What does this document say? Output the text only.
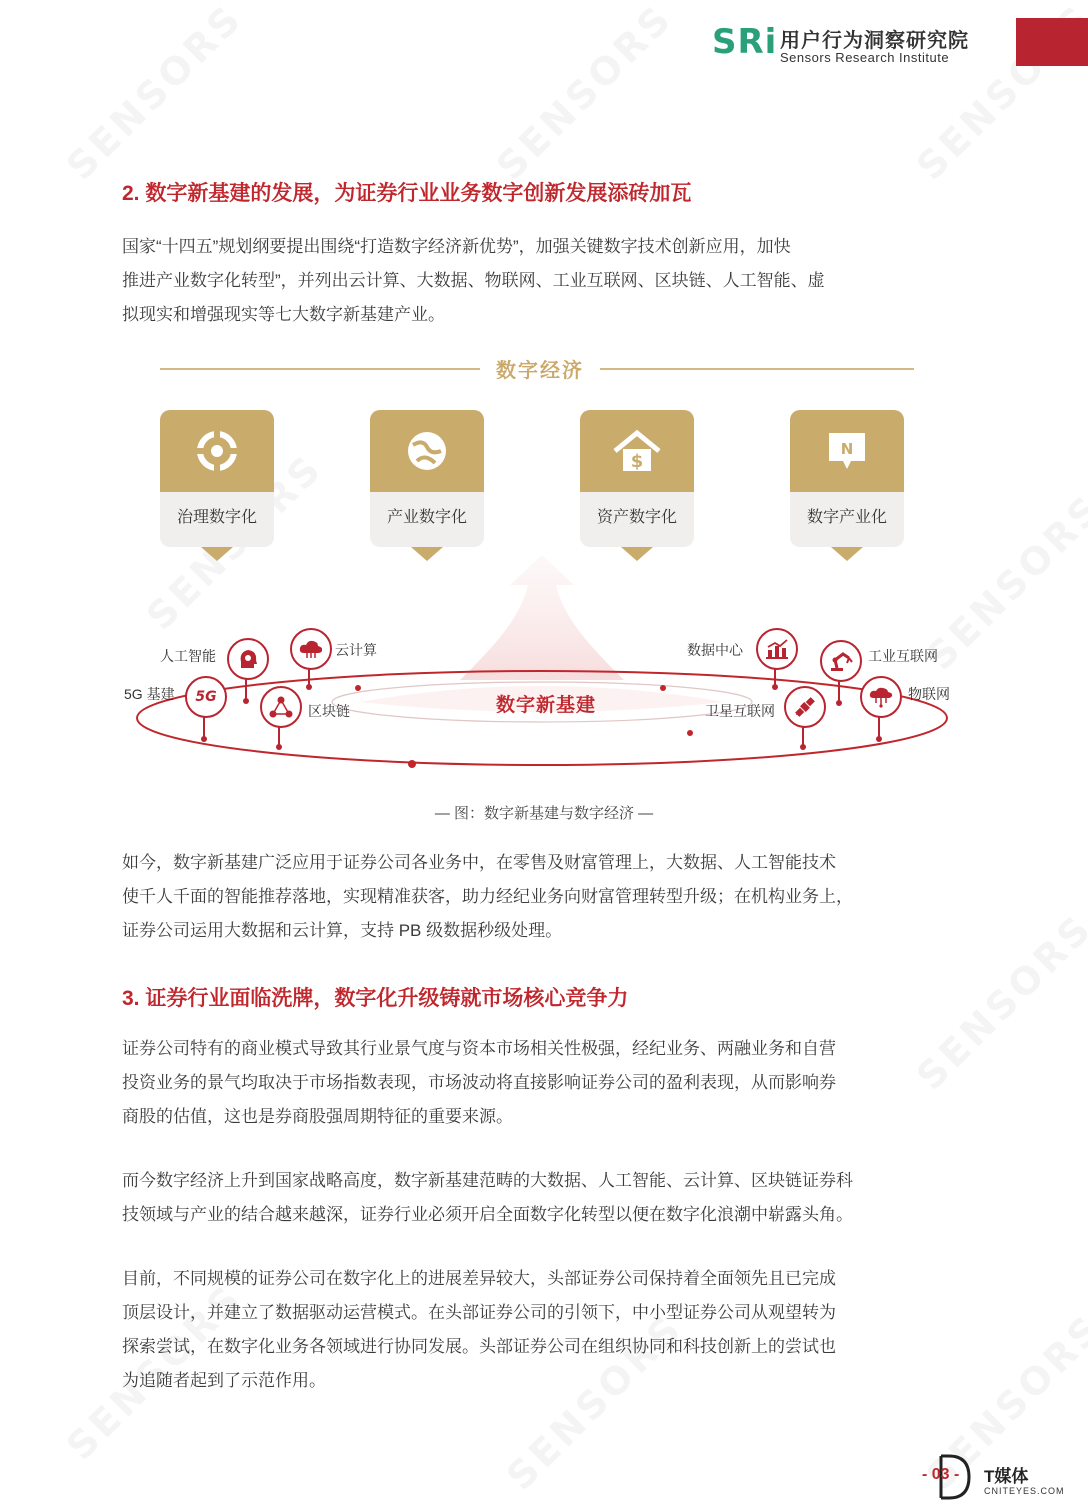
SRi 用户行为洞察研究院
Sensors Research Institute
2. 数字新基建的发展，为证券行业业务数字创新发展添砖加瓦
国家“十四五”规划纲要提出围绕“打造数字经济新优势”，加强关键数字技术创新应用，加快
推进产业数字化转型”，并列出云计算、大数据、物联网、工业互联网、区块链、人工智能、虚
拟现实和增强现实等七大数字新基建产业。
数字经济
治理数字化	产业数字化
$
资产数字化
N
数字产业化
人工智能	云计算
5G
5G 基建
区块链
数据中心	工业互联网
卫星互联网
物联网
数字新基建
— 图：数字新基建与数字经济 —
如今，数字新基建广泛应用于证券公司各业务中，在零售及财富管理上，大数据、人工智能技术
使千人千面的智能推荐落地，实现精准获客，助力经纪业务向财富管理转型升级；在机构业务上，
证券公司运用大数据和云计算，支持 PB 级数据秒级处理。
3. 证券行业面临洗牌，数字化升级铸就市场核心竞争力
证券公司特有的商业模式导致其行业景气度与资本市场相关性极强，经纪业务、两融业务和自营
投资业务的景气均取决于市场指数表现，市场波动将直接影响证券公司的盈利表现，从而影响券
商股的估值，这也是券商股强周期特征的重要来源。
而今数字经济上升到国家战略高度，数字新基建范畴的大数据、人工智能、云计算、区块链证券科
技领域与产业的结合越来越深，证券行业必须开启全面数字化转型以便在数字化浪潮中崭露头角。
目前，不同规模的证券公司在数字化上的进展差异较大，头部证券公司保持着全面领先且已完成
顶层设计，并建立了数据驱动运营模式。在头部证券公司的引领下，中小型证券公司从观望转为
探索尝试，在数字化业务各领域进行协同发展。头部证券公司在组织协同和科技创新上的尝试也
为追随者起到了示范作用。
- 03 - T媒体
CNITEYES.COM
